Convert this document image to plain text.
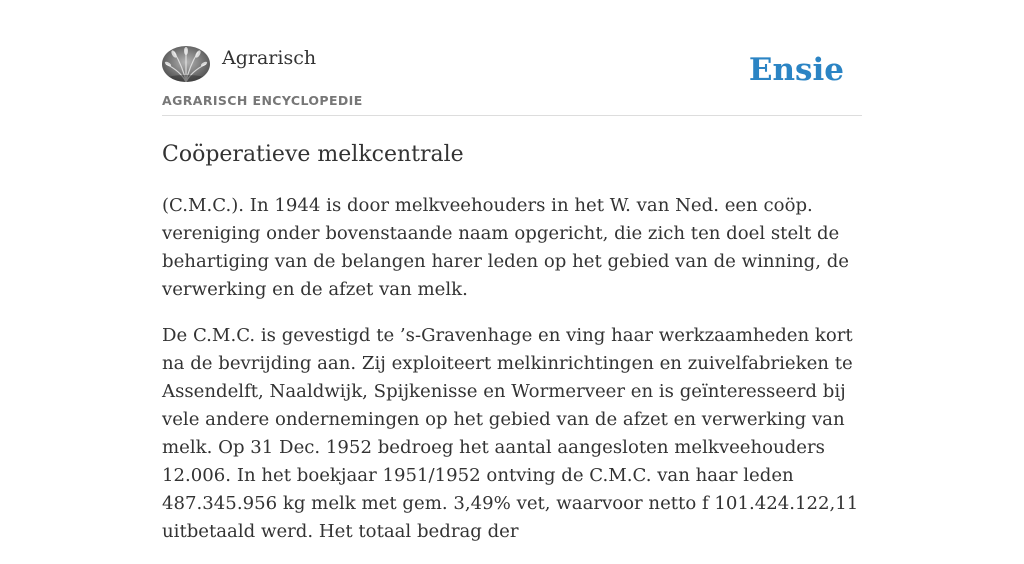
Agrarisch
AGRARISCH ENCYCLOPEDIE
Ensie
Coöperatieve melkcentrale

(C.M.C.). In 1944 is door melkveehouders in het W. van Ned. een coöp. vereniging onder bovenstaande naam opgericht, die zich ten doel stelt de behartiging van de belangen harer leden op het gebied van de winning, de verwerking en de afzet van melk.

De C.M.C. is gevestigd te ’s-Gravenhage en ving haar werkzaamheden kort na de bevrijding aan. Zij exploiteert melkinrichtingen en zuivelfabrieken te Assendelft, Naaldwijk, Spijkenisse en Wormerveer en is geïnteresseerd bij vele andere ondernemingen op het gebied van de afzet en verwerking van melk. Op 31 Dec. 1952 bedroeg het aantal aangesloten melkveehouders 12.006. In het boekjaar 1951/1952 ontving de C.M.C. van haar leden 487.345.956 kg melk met gem. 3,49% vet, waarvoor netto f 101.424.122,11 uitbetaald werd. Het totaal bedrag der
